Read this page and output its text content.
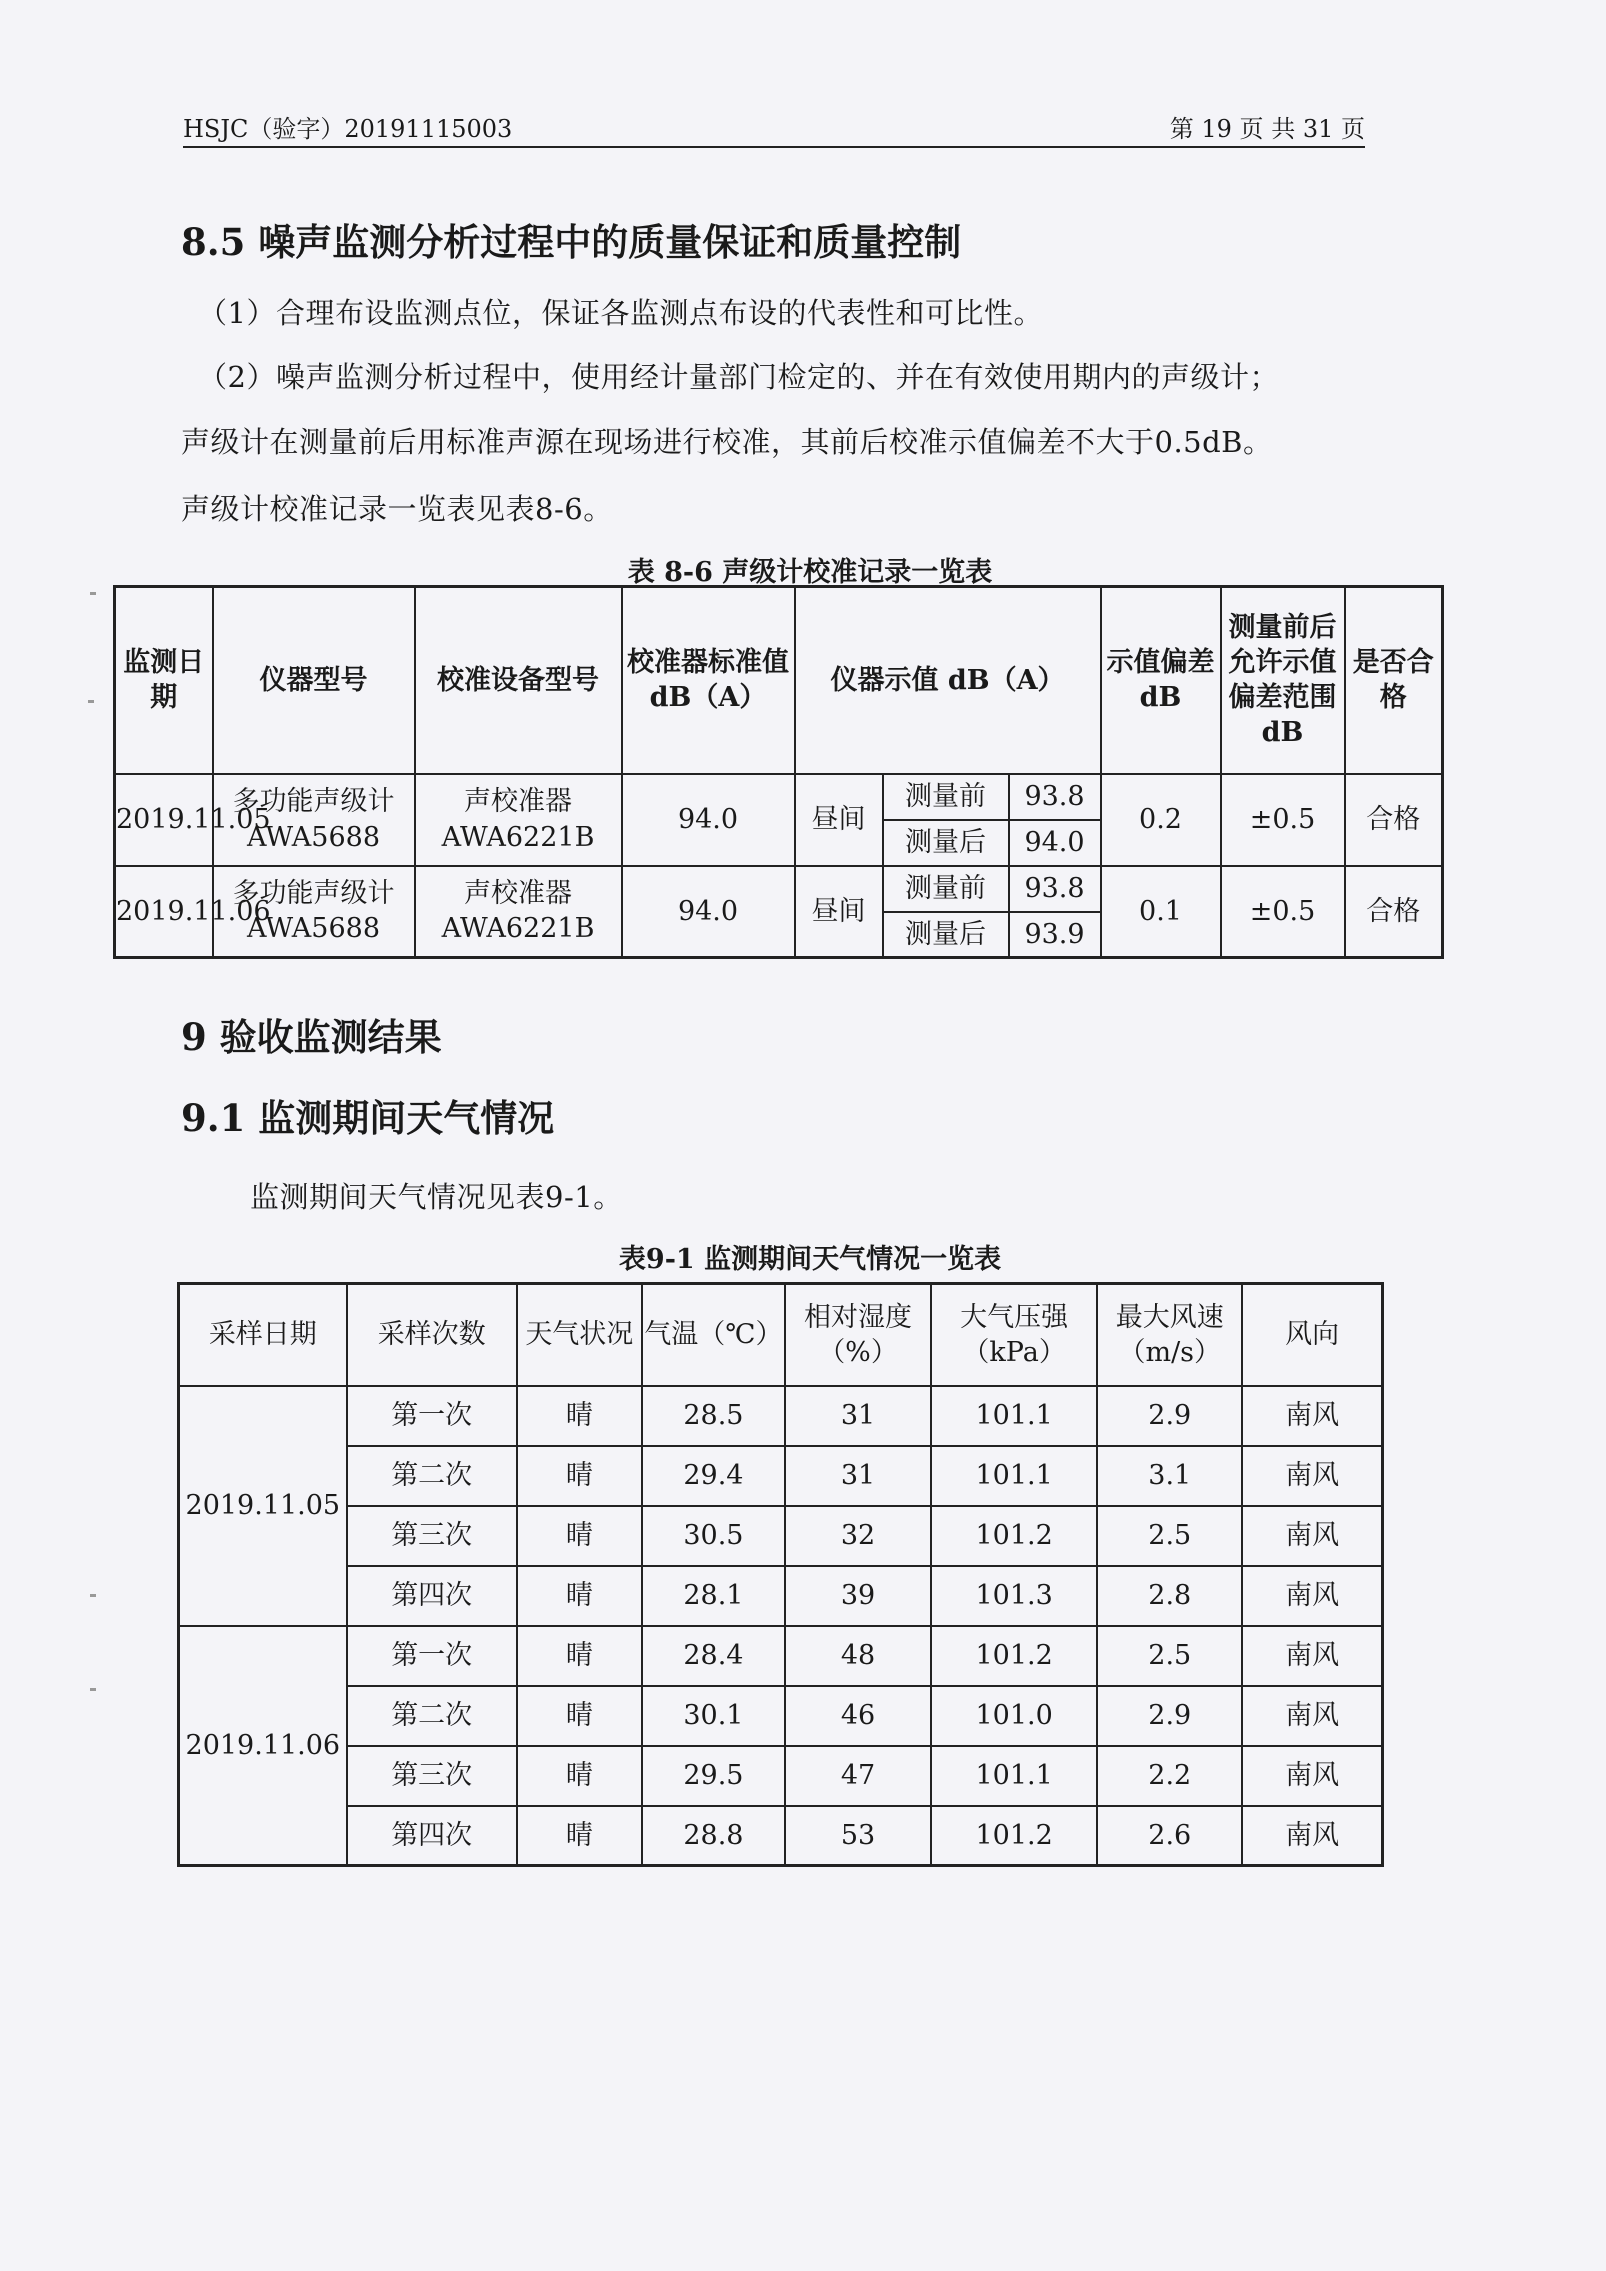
HSJC（验字）20191115003	第 19 页 共 31 页
8.5 噪声监测分析过程中的质量保证和质量控制
（1）合理布设监测点位，保证各监测点布设的代表性和可比性。
（2）噪声监测分析过程中，使用经计量部门检定的、并在有效使用期内的声级计；
声级计在测量前后用标准声源在现场进行校准，其前后校准示值偏差不大于0.5dB。
声级计校准记录一览表见表8-6。
表 8-6 声级计校准记录一览表
监测日期	仪器型号	校准设备型号	校准器标准值 dB（A）	仪器示值 dB（A）			示值偏差 dB	测量前后允许示值偏差范围 dB	是否合格
2019.11.05	多功能声级计AWA5688	声校准器AWA6221B	94.0	昼间	测量前	93.8	0.2	±0.5	合格
					测量后	94.0			
2019.11.06	多功能声级计AWA5688	声校准器AWA6221B	94.0	昼间	测量前	93.8	0.1	±0.5	合格
					测量后	93.9			
9 验收监测结果
9.1 监测期间天气情况
监测期间天气情况见表9-1。
表9-1 监测期间天气情况一览表
采样日期	采样次数	天气状况	气温（℃）	相对湿度（%）	大气压强（kPa）	最大风速（m/s）	风向
2019.11.05	第一次	晴	28.5	31	101.1	2.9	南风
	第二次	晴	29.4	31	101.1	3.1	南风
	第三次	晴	30.5	32	101.2	2.5	南风
	第四次	晴	28.1	39	101.3	2.8	南风
2019.11.06	第一次	晴	28.4	48	101.2	2.5	南风
	第二次	晴	30.1	46	101.0	2.9	南风
	第三次	晴	29.5	47	101.1	2.2	南风
	第四次	晴	28.8	53	101.2	2.6	南风
